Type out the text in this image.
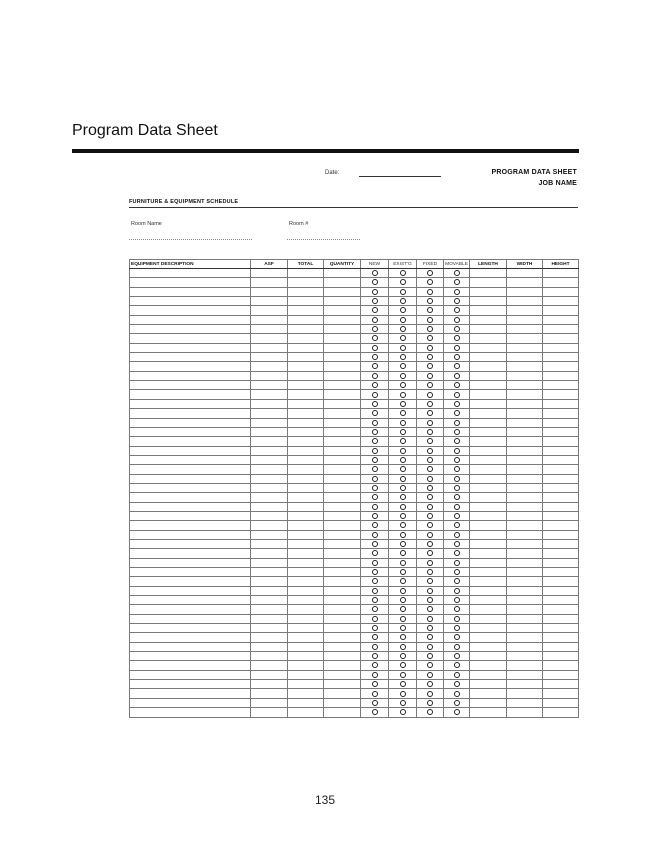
Program Data Sheet
Date:	PROGRAM DATA SHEET
JOB NAME
FURNITURE & EQUIPMENT SCHEDULE
Room Name	Room #
EQUIPMENT DESCRIPTION	ASF	TOTAL	QUANTITY	NEW	EXIST'G	FIXED	MOVABLE	LENGTH	WIDTH	HEIGHT

135
